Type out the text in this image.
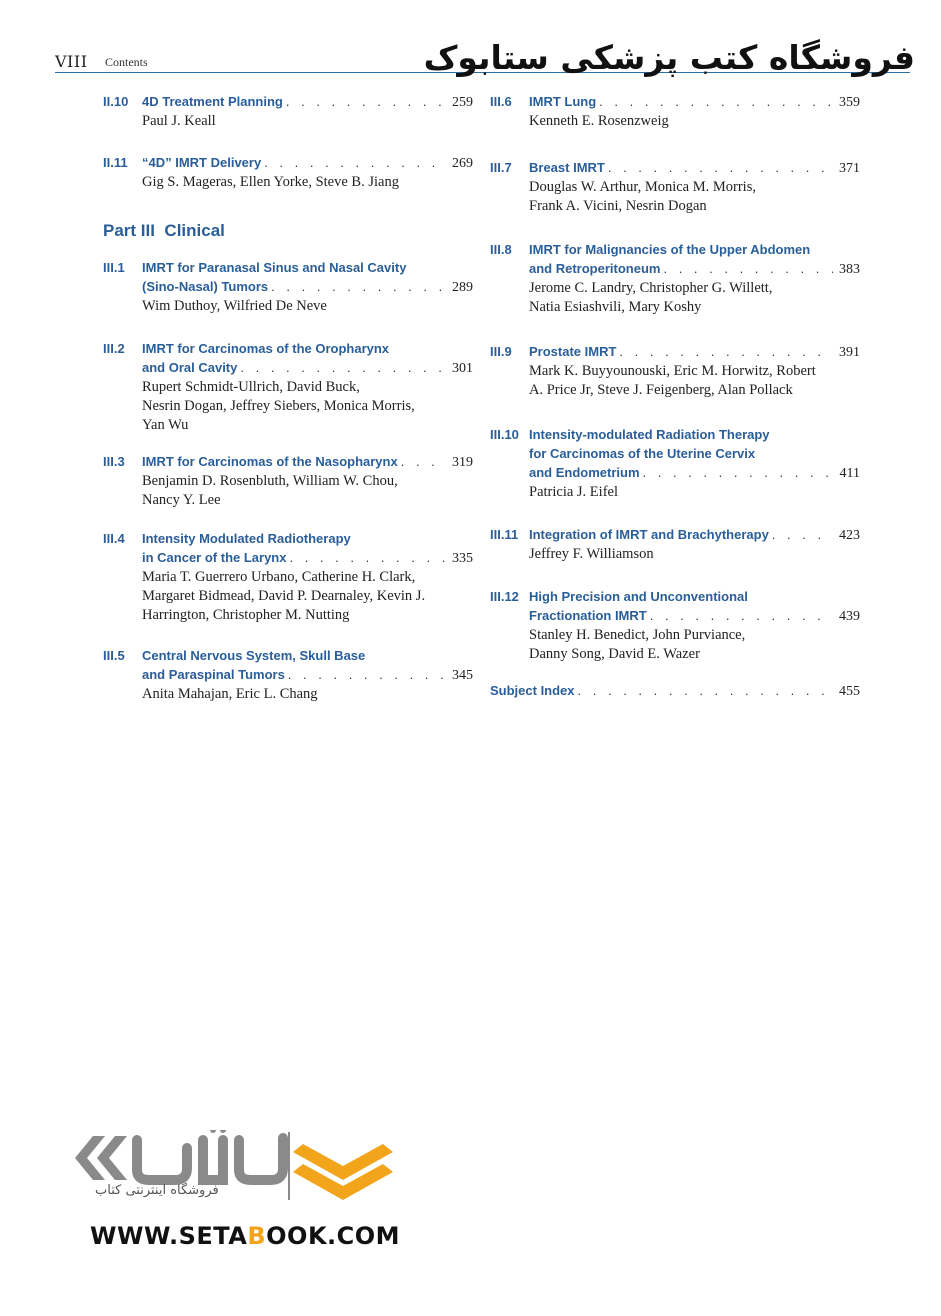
VIII Contents	فروشگاه کتب پزشکی ستابوک
II.10 4D Treatment Planning . . .	259
Paul J. Keall
II.11 “4D” IMRT Delivery . . .	269
Gig S. Mageras, Ellen Yorke, Steve B. Jiang
Part III Clinical
III.1 IMRT for Paranasal Sinus and Nasal Cavity
(Sino-Nasal) Tumors . . .	289
Wim Duthoy, Wilfried De Neve
III.2 IMRT for Carcinomas of the Oropharynx
and Oral Cavity . . .	301
Rupert Schmidt-Ullrich, David Buck,
Nesrin Dogan, Jeffrey Siebers, Monica Morris,
Yan Wu
III.3 IMRT for Carcinomas of the Nasopharynx . . .	319
Benjamin D. Rosenbluth, William W. Chou,
Nancy Y. Lee
III.4 Intensity Modulated Radiotherapy
in Cancer of the Larynx . . .	335
Maria T. Guerrero Urbano, Catherine H. Clark,
Margaret Bidmead, David P. Dearnaley, Kevin J.
Harrington, Christopher M. Nutting
III.5 Central Nervous System, Skull Base
and Paraspinal Tumors . . .	345
Anita Mahajan, Eric L. Chang
III.6 IMRT Lung . . .	359
Kenneth E. Rosenzweig
III.7 Breast IMRT . . .	371
Douglas W. Arthur, Monica M. Morris,
Frank A. Vicini, Nesrin Dogan
III.8 IMRT for Malignancies of the Upper Abdomen
and Retroperitoneum . . .	383
Jerome C. Landry, Christopher G. Willett,
Natia Esiashvili, Mary Koshy
III.9 Prostate IMRT . . .	391
Mark K. Buyyounouski, Eric M. Horwitz, Robert
A. Price Jr, Steve J. Feigenberg, Alan Pollack
III.10 Intensity-modulated Radiation Therapy
for Carcinomas of the Uterine Cervix
and Endometrium . . .	411
Patricia J. Eifel
III.11 Integration of IMRT and Brachytherapy . . .	423
Jeffrey F. Williamson
III.12 High Precision and Unconventional
Fractionation IMRT . . .	439
Stanley H. Benedict, John Purviance,
Danny Song, David E. Wazer
Subject Index . . .	455
فروشگاه اینترنتی کتاب
WWW.SETABOOK.COM
